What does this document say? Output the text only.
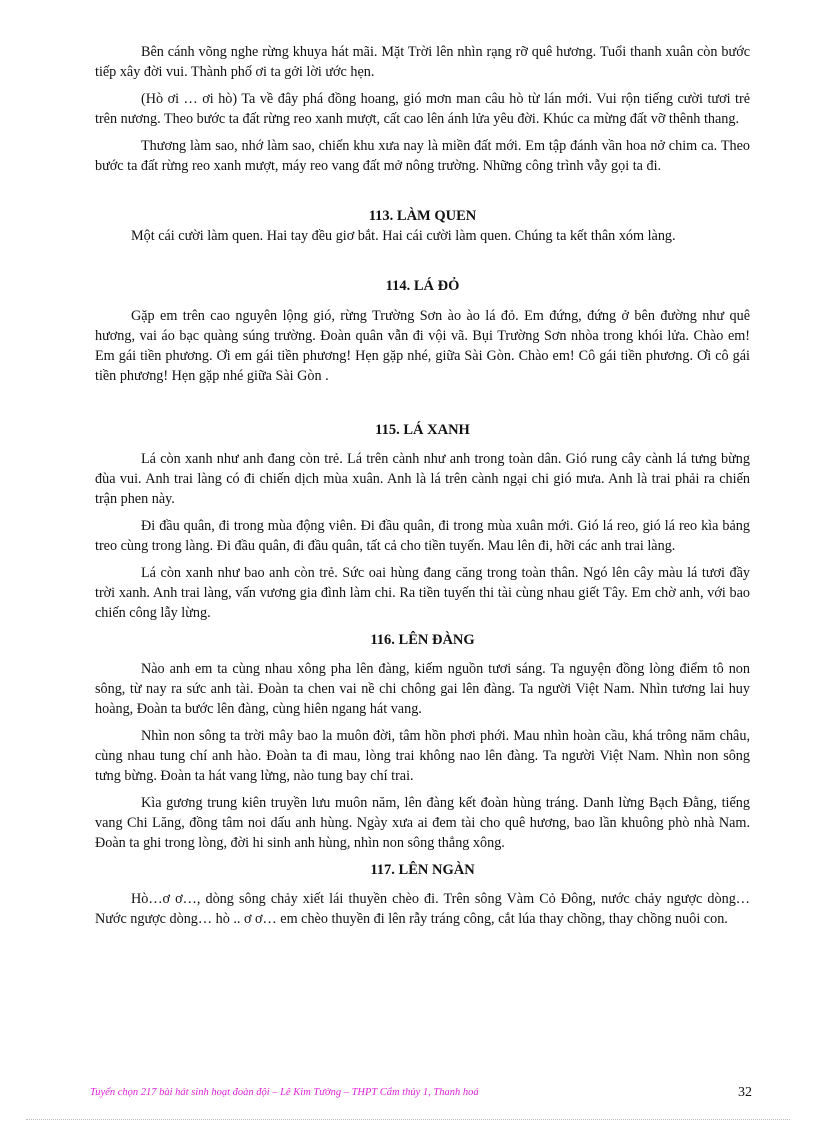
Bên cánh võng nghe rừng khuya hát mãi. Mặt Trời lên nhìn rạng rỡ quê hương. Tuổi thanh xuân còn bước tiếp xây đời vui. Thành phố ơi ta gởi lời ước hẹn.

(Hò ơi … ơi hò) Ta về đây phá đồng hoang, gió mơn man câu hò từ lán mới. Vui rộn tiếng cười tươi trẻ trên nương. Theo bước ta đất rừng reo xanh mượt, cất cao lên ánh lửa yêu đời. Khúc ca mừng đất vỡ thênh thang.

Thương làm sao, nhớ làm sao, chiến khu xưa nay là miền đất mới. Em tập đánh vần hoa nở chim ca. Theo bước ta đất rừng reo xanh mượt, máy reo vang đất mở nông trường. Những công trình vẫy gọi ta đi.

113. LÀM QUEN

Một cái cười làm quen. Hai tay đều giơ bắt. Hai cái cười làm quen. Chúng ta kết thân xóm làng.

114. LÁ ĐỎ

Gặp em trên cao nguyên lộng gió, rừng Trường Sơn ào ào lá đỏ. Em đứng, đứng ở bên đường như quê hương, vai áo bạc quàng súng trường. Đoàn quân vẫn đi vội vã. Bụi Trường Sơn nhòa trong khói lửa. Chào em! Em gái tiền phương. Ơi em gái tiền phương! Hẹn gặp nhé, giữa Sài Gòn. Chào em! Cô gái tiền phương. Ơi cô gái tiền phương! Hẹn gặp nhé giữa Sài Gòn .

115. LÁ XANH

Lá còn xanh như anh đang còn trẻ. Lá trên cành như anh trong toàn dân. Gió rung cây cành lá tưng bừng đùa vui. Anh trai làng có đi chiến dịch mùa xuân. Anh là lá trên cành ngại chi gió mưa. Anh là trai phải ra chiến trận phen này.

Đi đầu quân, đi trong mùa động viên. Đi đầu quân, đi trong mùa xuân mới. Gió lá reo, gió lá reo kìa bảng treo cùng trong làng. Đi đầu quân, đi đầu quân, tất cả cho tiền tuyến. Mau lên đi, hỡi các anh trai làng.

Lá còn xanh như bao anh còn trẻ. Sức oai hùng đang căng trong toàn thân. Ngó lên cây màu lá tươi đầy trời xanh. Anh trai làng, vấn vương gia đình làm chi. Ra tiền tuyến thi tài cùng nhau giết Tây. Em chờ anh, với bao chiến công lẫy lừng.

116. LÊN ĐÀNG

Nào anh em ta cùng nhau xông pha lên đàng, kiếm nguồn tươi sáng. Ta nguyện đồng lòng điểm tô non sông, từ nay ra sức anh tài. Đoàn ta chen vai nề chi chông gai lên đàng. Ta người Việt Nam. Nhìn tương lai huy hoàng, Đoàn ta bước lên đàng, cùng hiên ngang hát vang.

Nhìn non sông ta trời mây bao la muôn đời, tâm hồn phơi phới. Mau nhìn hoàn cầu, khá trông năm châu, cùng nhau tung chí anh hào. Đoàn ta đi mau, lòng trai không nao lên đàng. Ta người Việt Nam. Nhìn non sông tưng bừng. Đoàn ta hát vang lừng, nào tung bay chí trai.

Kìa gương trung kiên truyền lưu muôn năm, lên đàng kết đoàn hùng tráng. Danh lừng Bạch Đằng, tiếng vang Chi Lăng, đồng tâm noi dấu anh hùng. Ngày xưa ai đem tài cho quê hương, bao lần khuông phò nhà Nam. Đoàn ta ghi trong lòng, đời hi sinh anh hùng, nhìn non sông thẳng xông.

117. LÊN NGÀN

Hò…ơ ơ…, dòng sông chảy xiết lái thuyền chèo đi. Trên sông Vàm Cỏ Đông, nước chảy ngược dòng… Nước ngược dòng… hò .. ơ ơ… em chèo thuyền đi lên rẫy tráng công, cắt lúa thay chồng, thay chồng nuôi con.

Tuyển chọn 217 bài hát sinh hoạt đoàn đội – Lê Kim Tường – THPT Cẩm thủy 1, Thanh hoá	32
